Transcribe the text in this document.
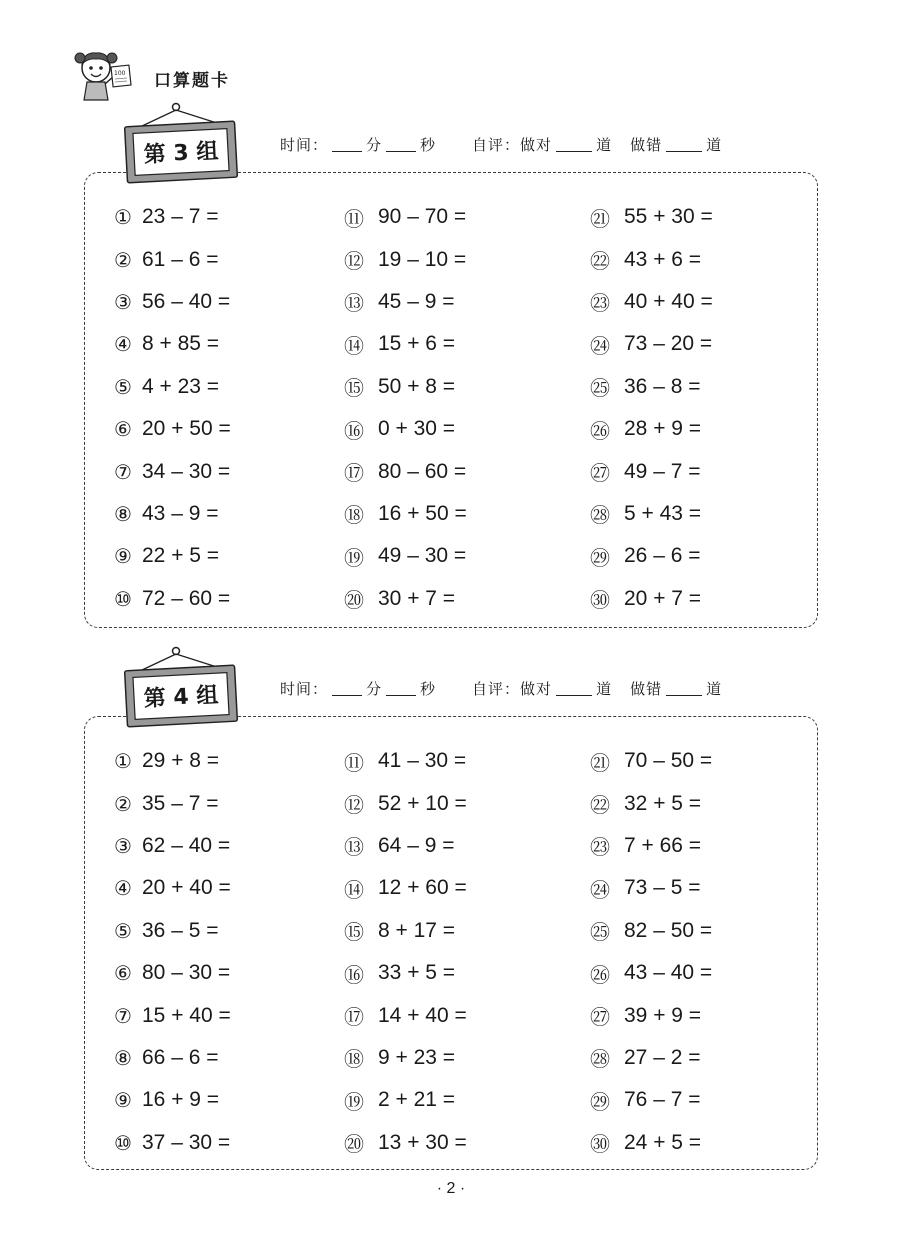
100 口算题卡
第 3 组	时间：	分	秒 自评：做对	道 做错	道
① 23 – 7 =
② 61 – 6 =
③ 56 – 40 =
④ 8 + 85 =
⑤ 4 + 23 =
⑥ 20 + 50 =
⑦ 34 – 30 =
⑧ 43 – 9 =
⑨ 22 + 5 =
⑩ 72 – 60 =
⑪ 90 – 70 =
⑫ 19 – 10 =
⑬ 45 – 9 =
⑭ 15 + 6 =
⑮ 50 + 8 =
⑯ 0 + 30 =
⑰ 80 – 60 =
⑱ 16 + 50 =
⑲ 49 – 30 =
⑳ 30 + 7 =
㉑ 55 + 30 =
㉒ 43 + 6 =
㉓ 40 + 40 =
㉔ 73 – 20 =
㉕ 36 – 8 =
㉖ 28 + 9 =
㉗ 49 – 7 =
㉘ 5 + 43 =
㉙ 26 – 6 =
㉚ 20 + 7 =
第 4 组	时间：	分	秒 自评：做对	道 做错	道
① 29 + 8 =
② 35 – 7 =
③ 62 – 40 =
④ 20 + 40 =
⑤ 36 – 5 =
⑥ 80 – 30 =
⑦ 15 + 40 =
⑧ 66 – 6 =
⑨ 16 + 9 =
⑩ 37 – 30 =
⑪ 41 – 30 =
⑫ 52 + 10 =
⑬ 64 – 9 =
⑭ 12 + 60 =
⑮ 8 + 17 =
⑯ 33 + 5 =
⑰ 14 + 40 =
⑱ 9 + 23 =
⑲ 2 + 21 =
⑳ 13 + 30 =
㉑ 70 – 50 =
㉒ 32 + 5 =
㉓ 7 + 66 =
㉔ 73 – 5 =
㉕ 82 – 50 =
㉖ 43 – 40 =
㉗ 39 + 9 =
㉘ 27 – 2 =
㉙ 76 – 7 =
㉚ 24 + 5 =
· 2 ·
